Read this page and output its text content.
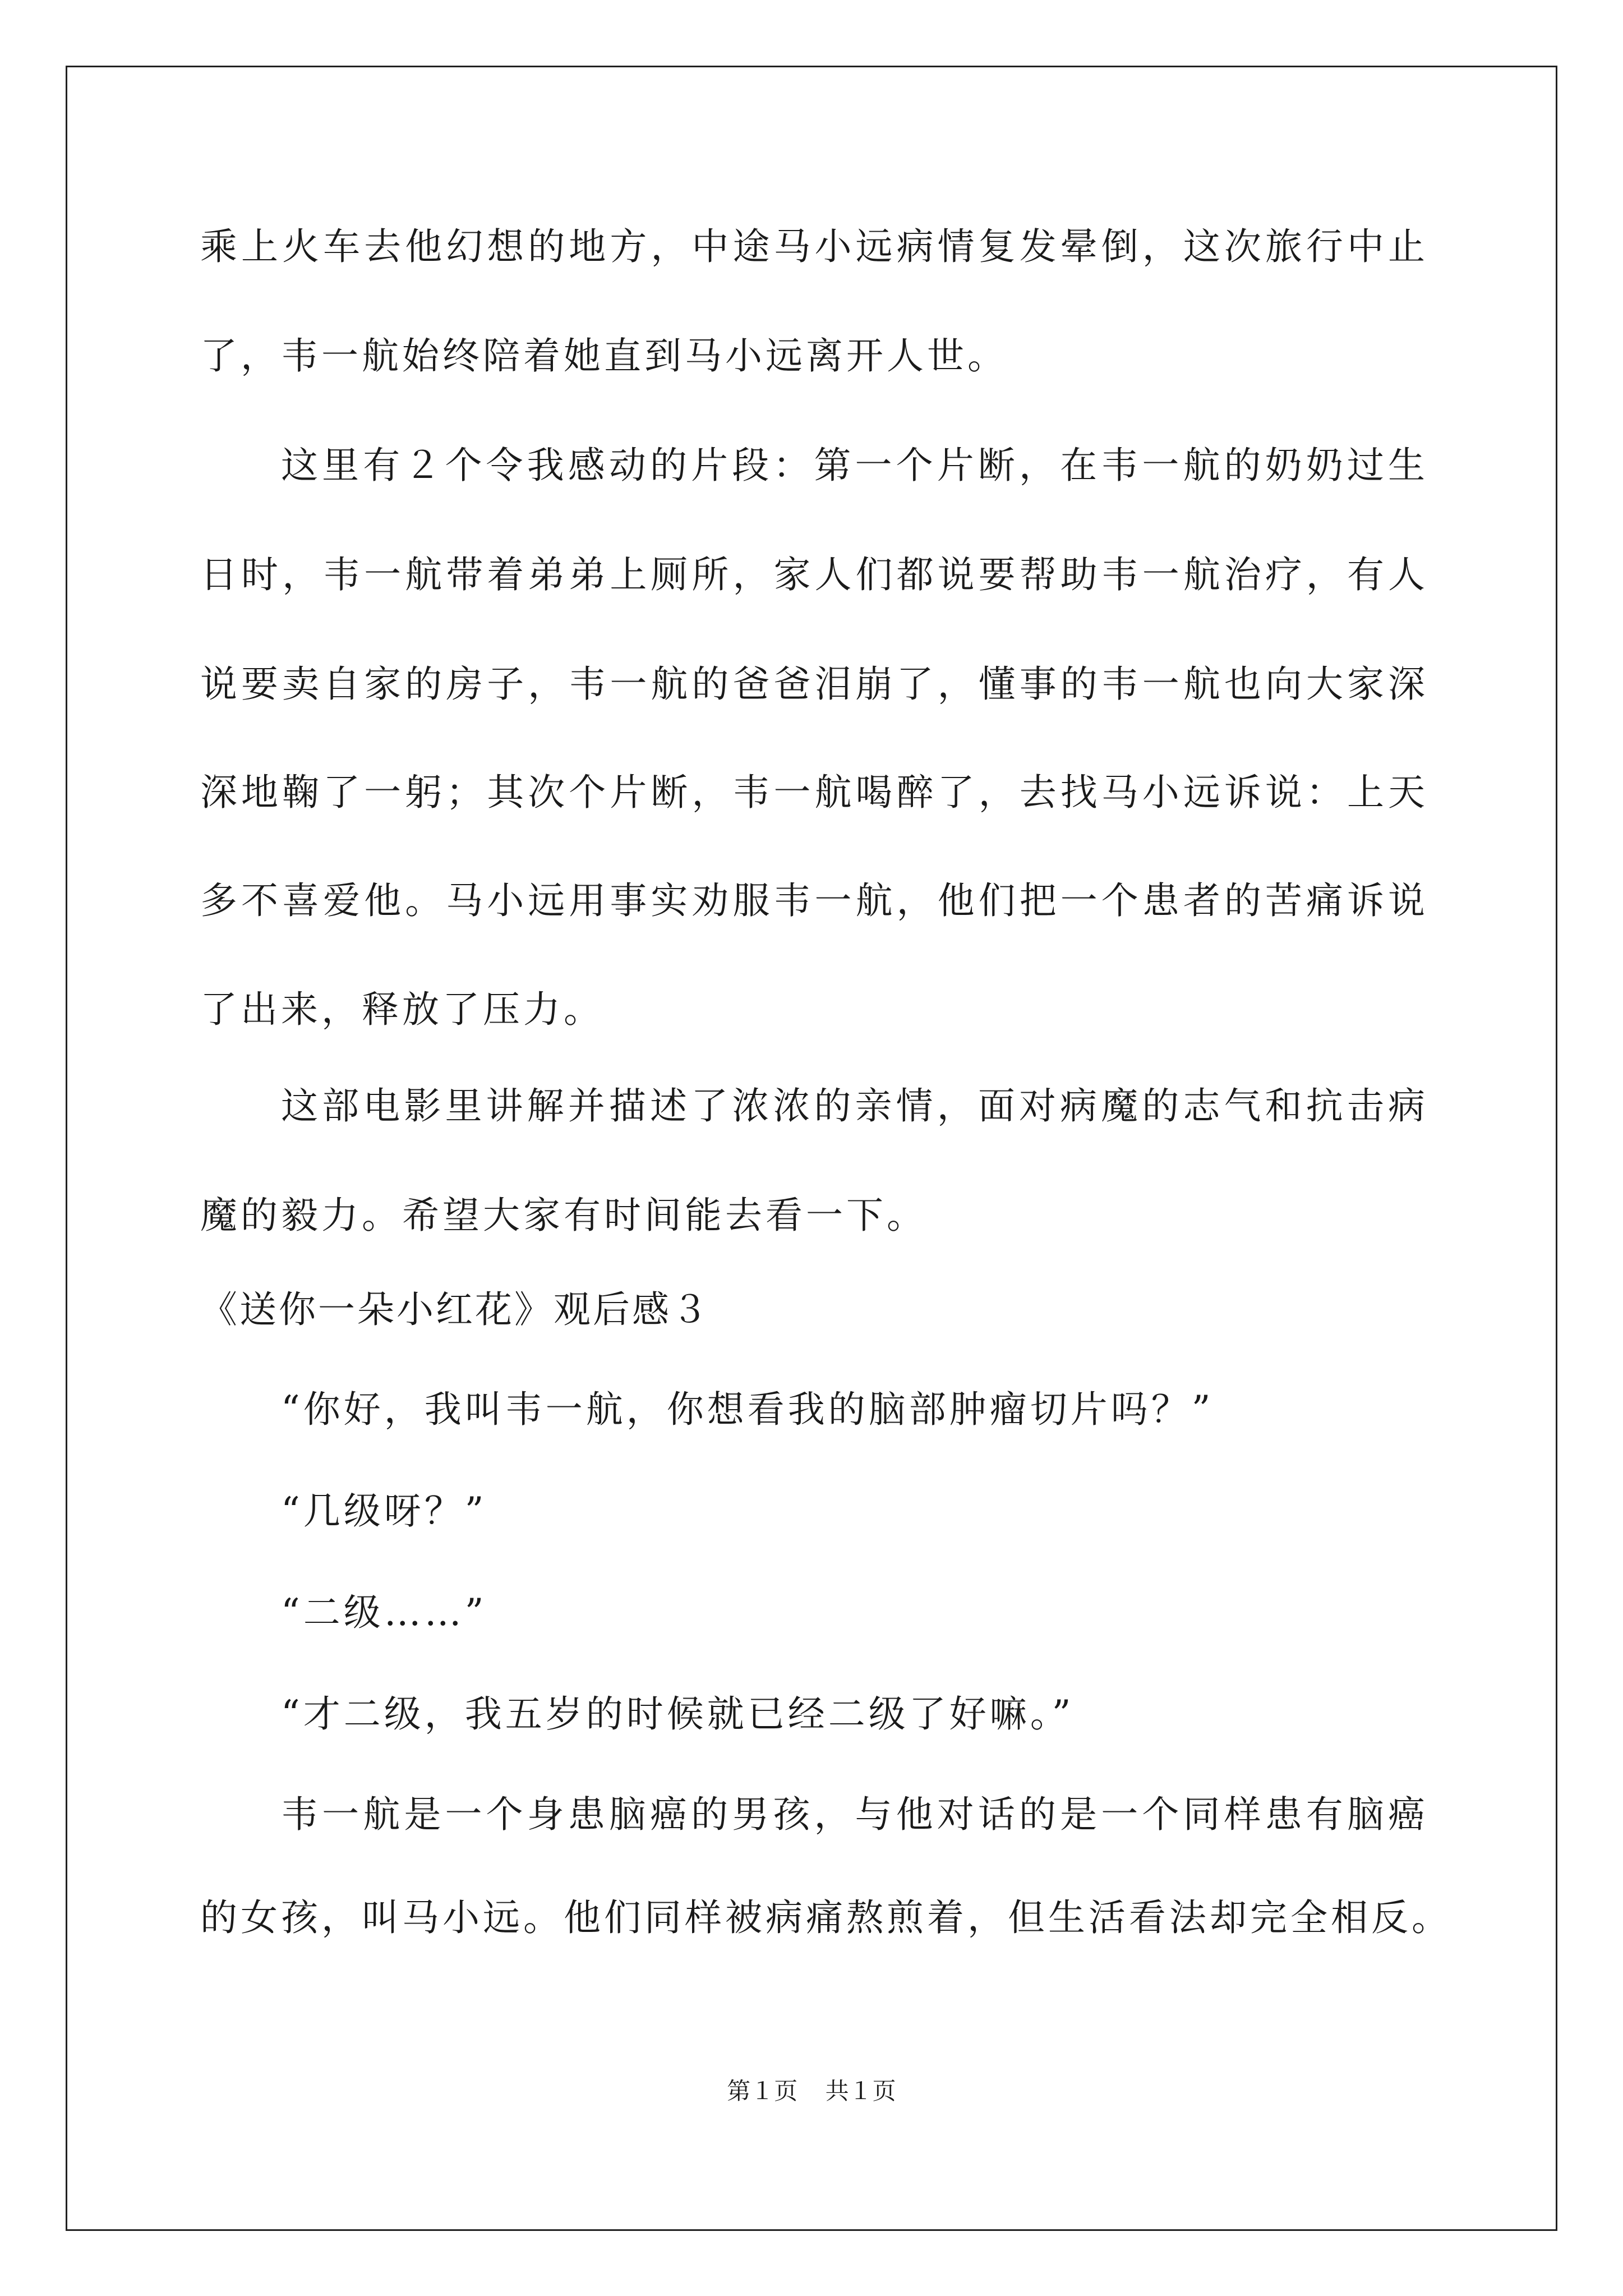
乘上火车去他幻想的地方，中途马小远病情复发晕倒，这次旅行中止
了，韦一航始终陪着她直到马小远离开人世。
这里有２个令我感动的片段：第一个片断，在韦一航的奶奶过生
日时，韦一航带着弟弟上厕所，家人们都说要帮助韦一航治疗，有人
说要卖自家的房子，韦一航的爸爸泪崩了，懂事的韦一航也向大家深
深地鞠了一躬；其次个片断，韦一航喝醉了，去找马小远诉说：上天
多不喜爱他。马小远用事实劝服韦一航，他们把一个患者的苦痛诉说
了出来，释放了压力。
这部电影里讲解并描述了浓浓的亲情，面对病魔的志气和抗击病
魔的毅力。希望大家有时间能去看一下。
《送你一朵小红花》观后感３
“你好，我叫韦一航，你想看我的脑部肿瘤切片吗？”
“几级呀？”
“二级……”
“才二级，我五岁的时候就已经二级了好嘛。”
韦一航是一个身患脑癌的男孩，与他对话的是一个同样患有脑癌
的女孩，叫马小远。他们同样被病痛熬煎着，但生活看法却完全相反。
第１页 共１页
